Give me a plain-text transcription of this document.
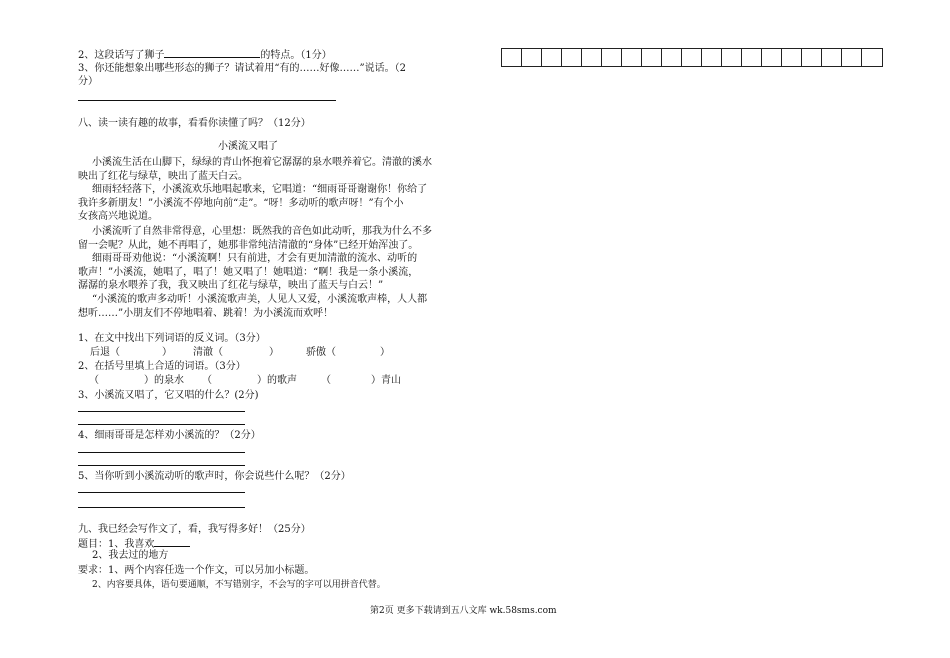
2、这段话写了狮子	的特点。（1分）
3、你还能想象出哪些形态的狮子？请试着用“有的……好像……”说话。（2
分）
八、读一读有趣的故事，看看你读懂了吗？（12分）
小溪流又唱了
小溪流生活在山脚下，绿绿的青山怀抱着它潺潺的泉水喂养着它。清澈的溪水
映出了红花与绿草，映出了蓝天白云。
细雨轻轻落下，小溪流欢乐地唱起歌来，它唱道：“细雨哥哥谢谢你！你给了
我许多新朋友！”小溪流不停地向前“走”。“呀！多动听的歌声呀！”有个小
女孩高兴地说道。
小溪流听了自然非常得意，心里想：既然我的音色如此动听，那我为什么不多
留一会呢？从此，她不再唱了，她那非常纯洁清澈的“身体”已经开始浑浊了。
细雨哥哥劝他说：“小溪流啊！只有前进，才会有更加清澈的流水、动听的
歌声！”小溪流，她唱了，唱了！她又唱了！她唱道：“啊！我是一条小溪流，
潺潺的泉水喂养了我，我又映出了红花与绿草，映出了蓝天与白云！”
“小溪流的歌声多动听！小溪流歌声美，人见人又爱，小溪流歌声棒，人人都
想听……”小朋友们不停地唱着、跳着！为小溪流而欢呼！
1、在文中找出下列词语的反义词。（3分）
后退（	） 清澈（	）	骄傲（	）
2、在括号里填上合适的词语。（3分）
（	）的泉水 （	）的歌声 （	）青山
3、小溪流又唱了，它又唱的什么？(2分)
4、细雨哥哥是怎样劝小溪流的？（2分）
5、当你听到小溪流动听的歌声时，你会说些什么呢？（2分）
九、我已经会写作文了，看，我写得多好！（25分）
题目：1、我喜欢
2、我去过的地方
要求：1、两个内容任选一个作文，可以另加小标题。
2、内容要具体，语句要通顺，不写错别字，不会写的字可以用拼音代替。
第2页 更多下载请到五八文库 wk.58sms.com
